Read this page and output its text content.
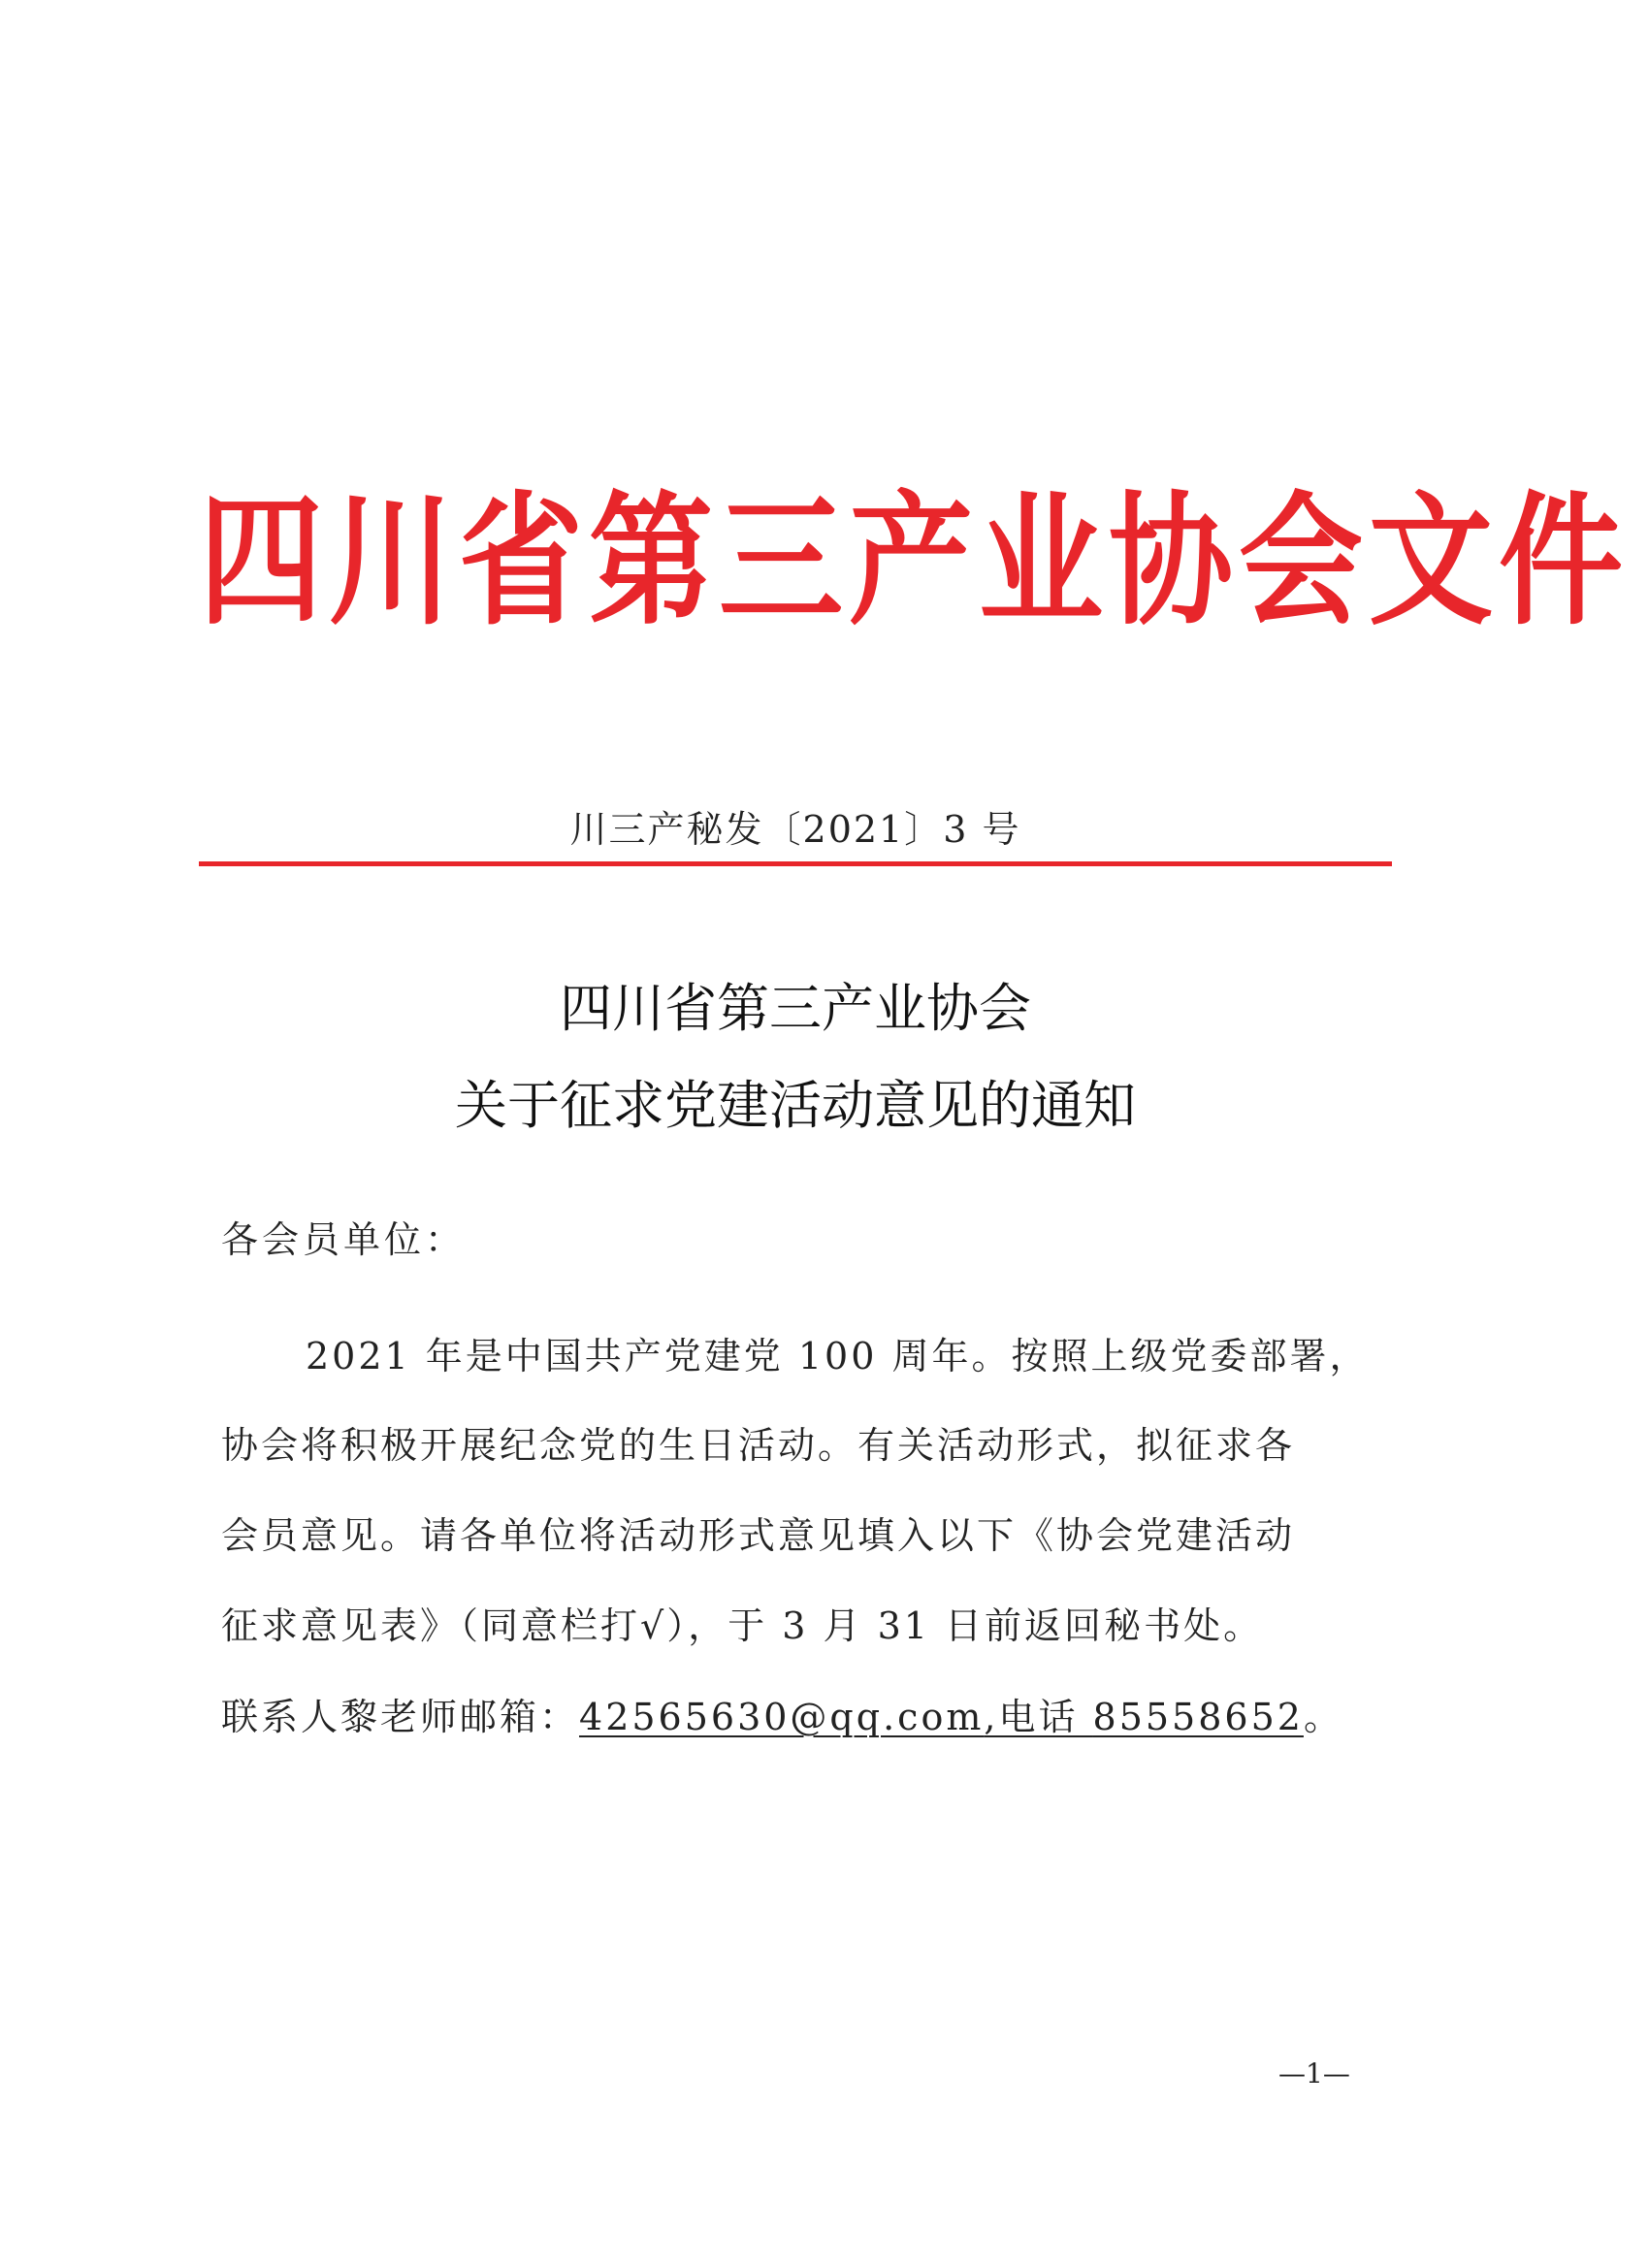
四川省第三产业协会文件
川三产秘发〔2021〕3 号
四川省第三产业协会
关于征求党建活动意见的通知
各会员单位：
2021 年是中国共产党建党 100 周年。按照上级党委部署，
协会将积极开展纪念党的生日活动。有关活动形式，拟征求各
会员意见。请各单位将活动形式意见填入以下《协会党建活动
征求意见表》（同意栏打√），于 3 月 31 日前返回秘书处。
联系人黎老师邮箱：42565630@qq.com,电话 85558652。
—1—
